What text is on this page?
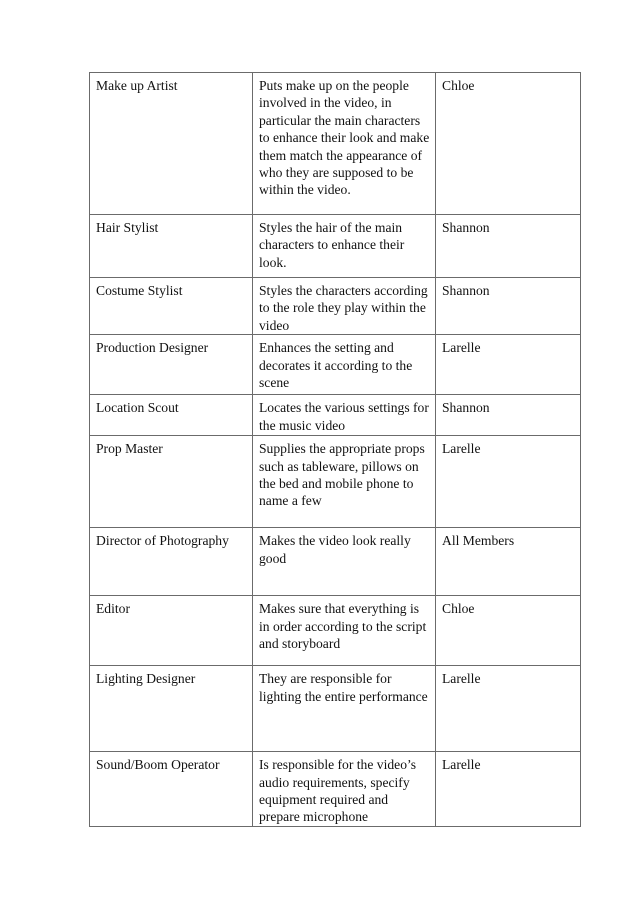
Make up Artist	Puts make up on the people involved in the video, in particular the main characters to enhance their look and make them match the appearance of who they are supposed to be within the video.	Chloe
Hair Stylist	Styles the hair of the main characters to enhance their look.	Shannon
Costume Stylist	Styles the characters according to the role they play within the video	Shannon
Production Designer	Enhances the setting and decorates it according to the scene	Larelle
Location Scout	Locates the various settings for the music video	Shannon
Prop Master	Supplies the appropriate props such as tableware, pillows on the bed and mobile phone to name a few	Larelle
Director of Photography	Makes the video look really good	All Members
Editor	Makes sure that everything is in order according to the script and storyboard	Chloe
Lighting Designer	They are responsible for lighting the entire performance	Larelle
Sound/Boom Operator	Is responsible for the video’s audio requirements, specify equipment required and prepare microphone	Larelle
